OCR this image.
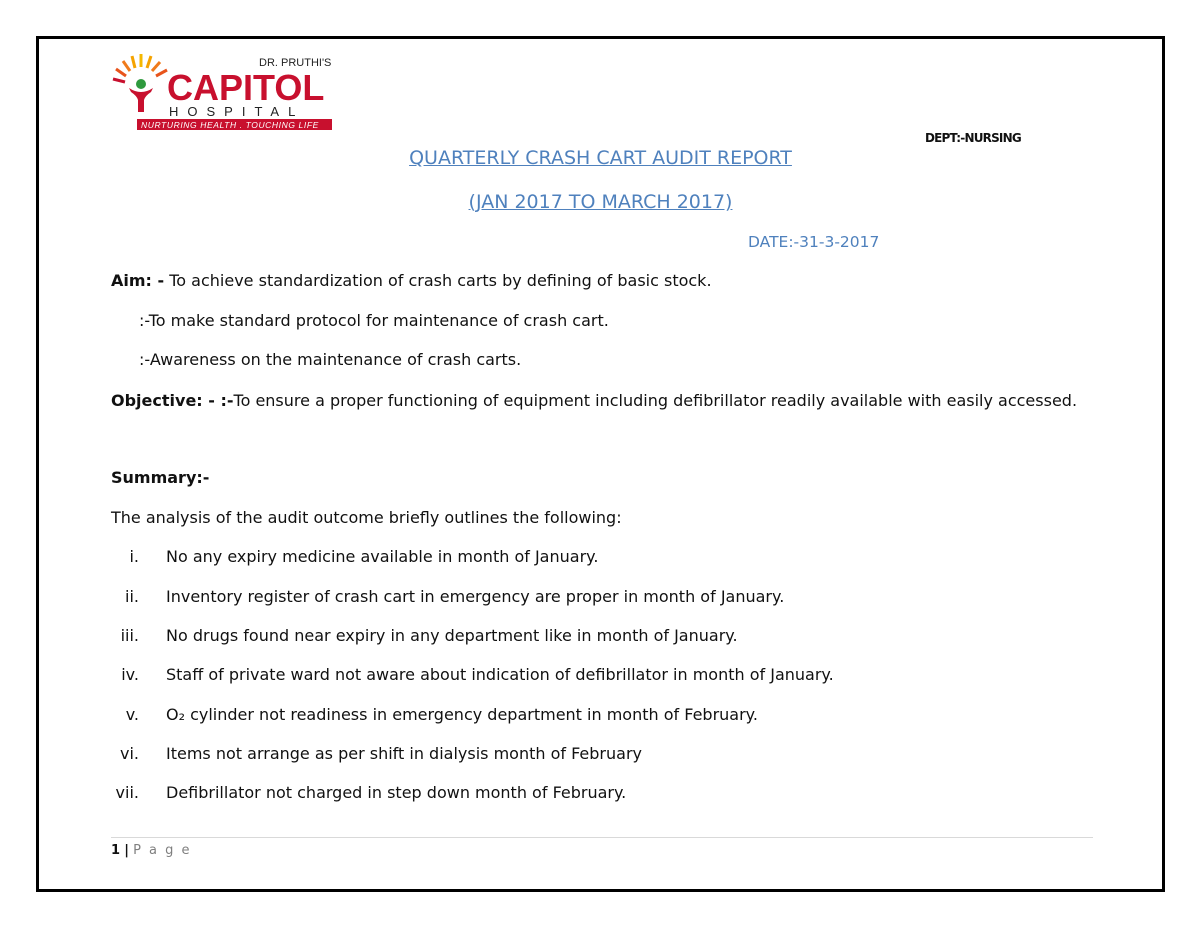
DR. PRUTHI'S
CAPITOL
HOSPITAL
NURTURING HEALTH . TOUCHING LIFE
DEPT:-NURSING
QUARTERLY CRASH CART AUDIT REPORT
(JAN 2017 TO MARCH 2017)
DATE:-31-3-2017
Aim: - To achieve standardization of crash carts by defining of basic stock.
:-To make standard protocol for maintenance of crash cart.
:-Awareness on the maintenance of crash carts.
Objective: - :-To ensure a proper functioning of equipment including defibrillator readily available with easily accessed.
Summary:-
The analysis of the audit outcome briefly outlines the following:
i. No any expiry medicine available in month of January.
ii. Inventory register of crash cart in emergency are proper in month of January.
iii. No drugs found near expiry in any department like in month of January.
iv. Staff of private ward not aware about indication of defibrillator in month of January.
v. O₂ cylinder not readiness in emergency department in month of February.
vi. Items not arrange as per shift in dialysis month of February
vii. Defibrillator not charged in step down month of February.
1 | P a g e
